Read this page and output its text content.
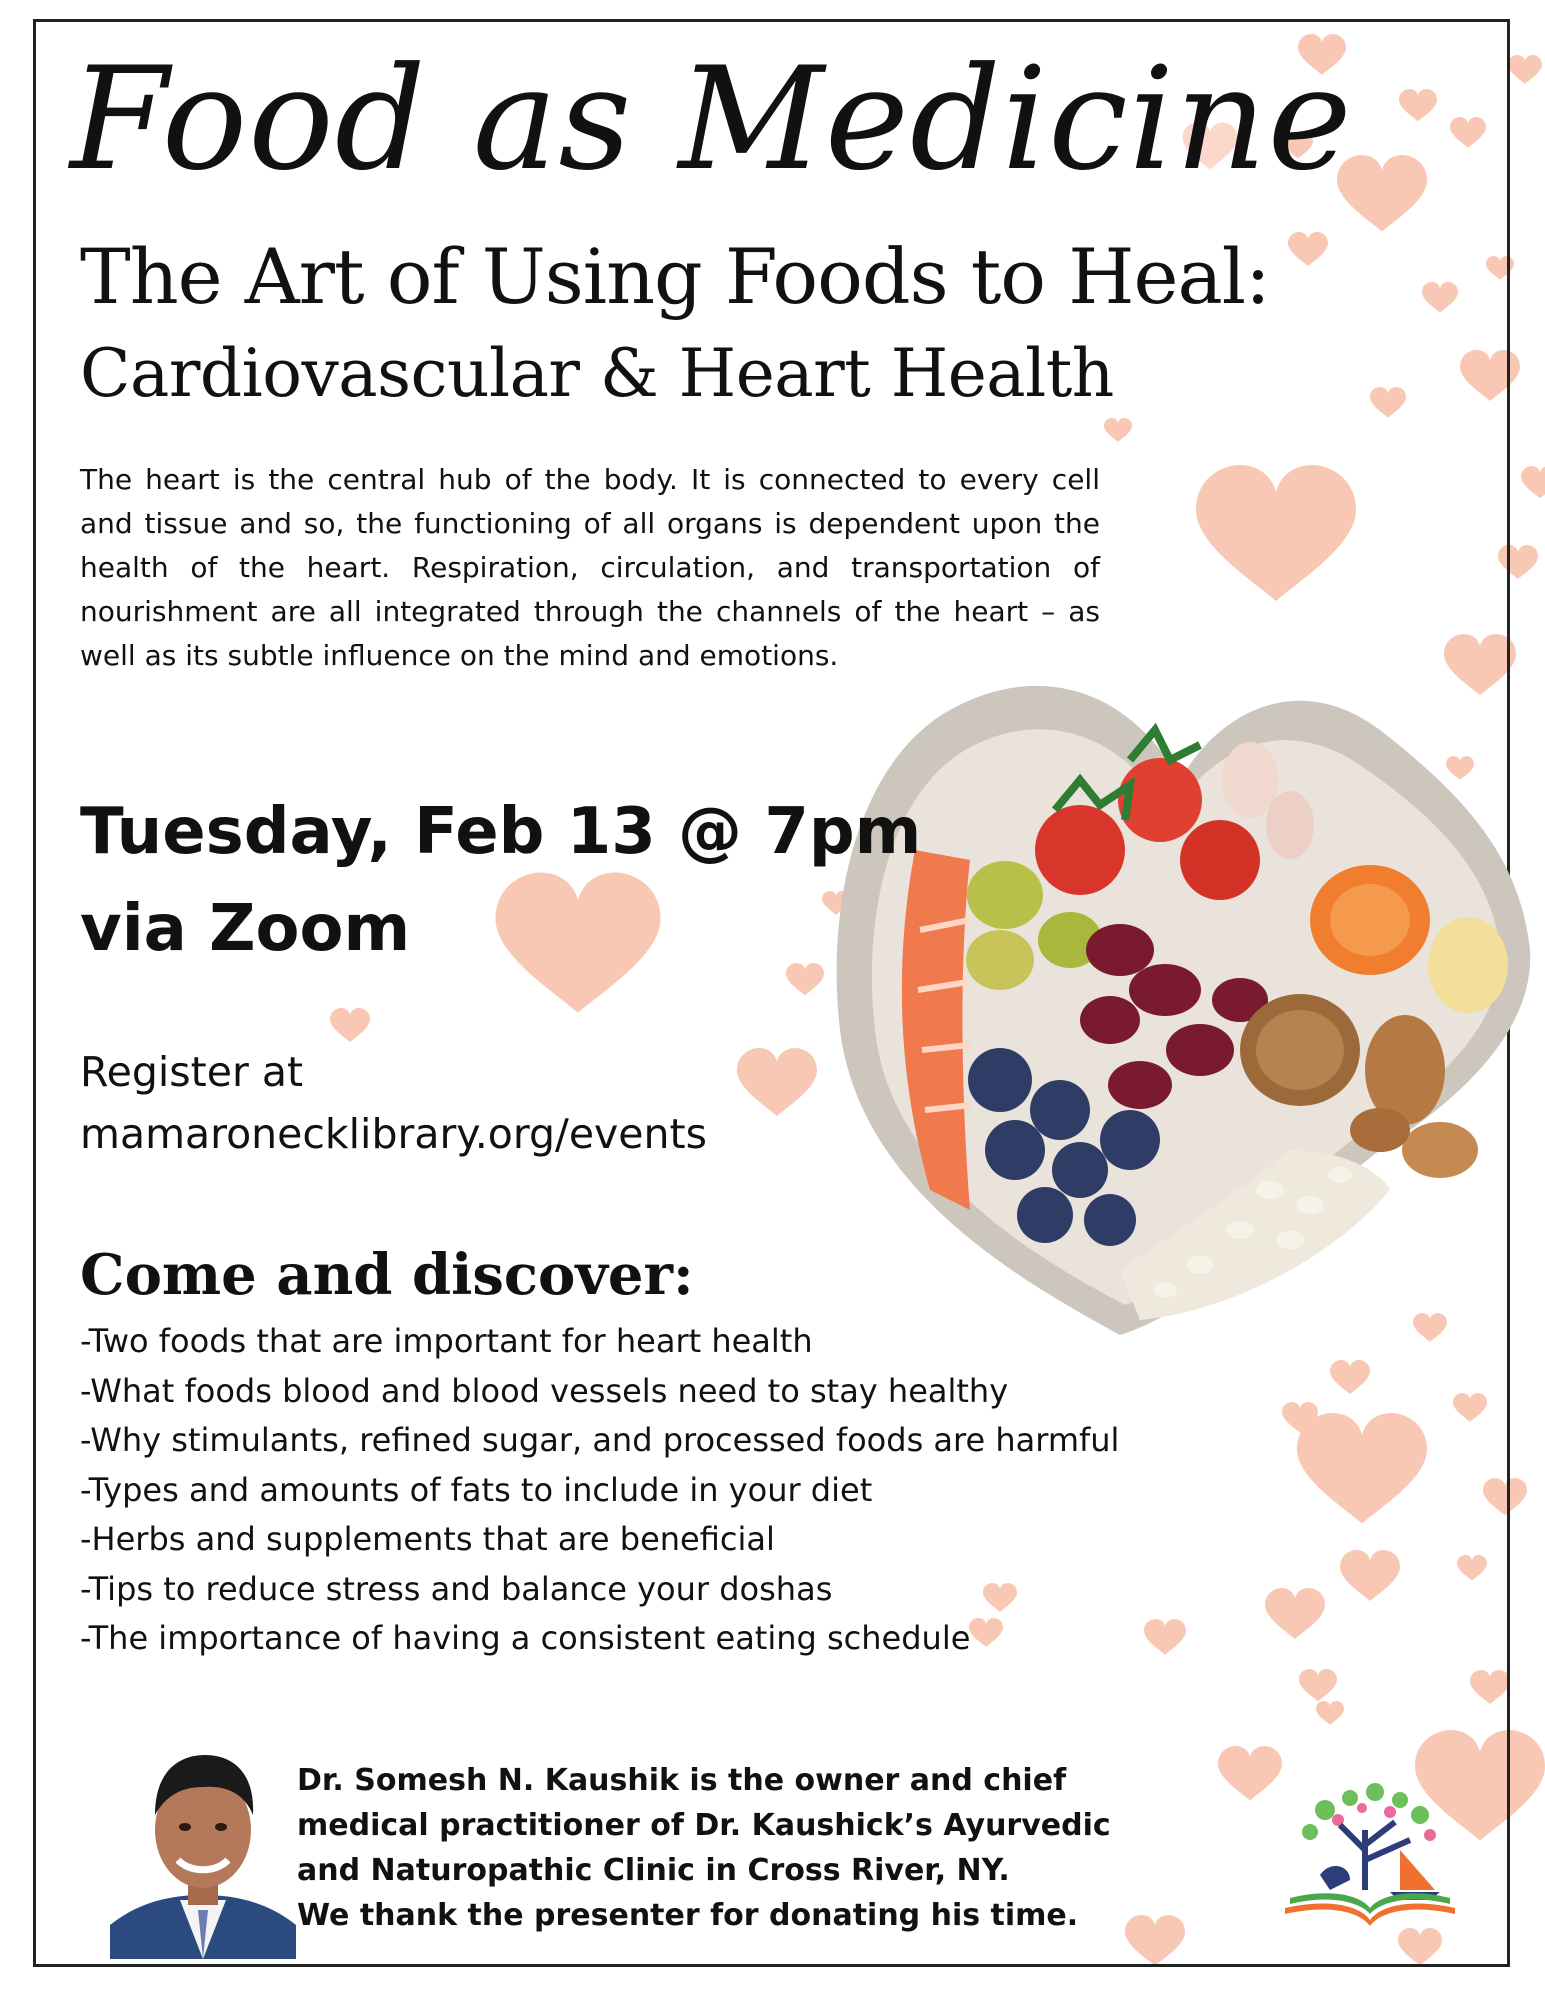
Food as Medicine
The Art of Using Foods to Heal:
Cardiovascular & Heart Health
The heart is the central hub of the body. It is connected to every cell and tissue and so, the functioning of all organs is dependent upon the health of the heart. Respiration, circulation, and transportation of nourishment are all integrated through the channels of the heart – as well as its subtle influence on the mind and emotions.
Tuesday, Feb 13 @ 7pm
via Zoom
Register at
mamaronecklibrary.org/events
Come and discover:
-Two foods that are important for heart health
-What foods blood and blood vessels need to stay healthy
-Why stimulants, refined sugar, and processed foods are harmful
-Types and amounts of fats to include in your diet
-Herbs and supplements that are beneficial
-Tips to reduce stress and balance your doshas
-The importance of having a consistent eating schedule
Dr. Somesh N. Kaushik is the owner and chief
medical practitioner of Dr. Kaushick’s Ayurvedic
and Naturopathic Clinic in Cross River, NY.
We thank the presenter for donating his time.
